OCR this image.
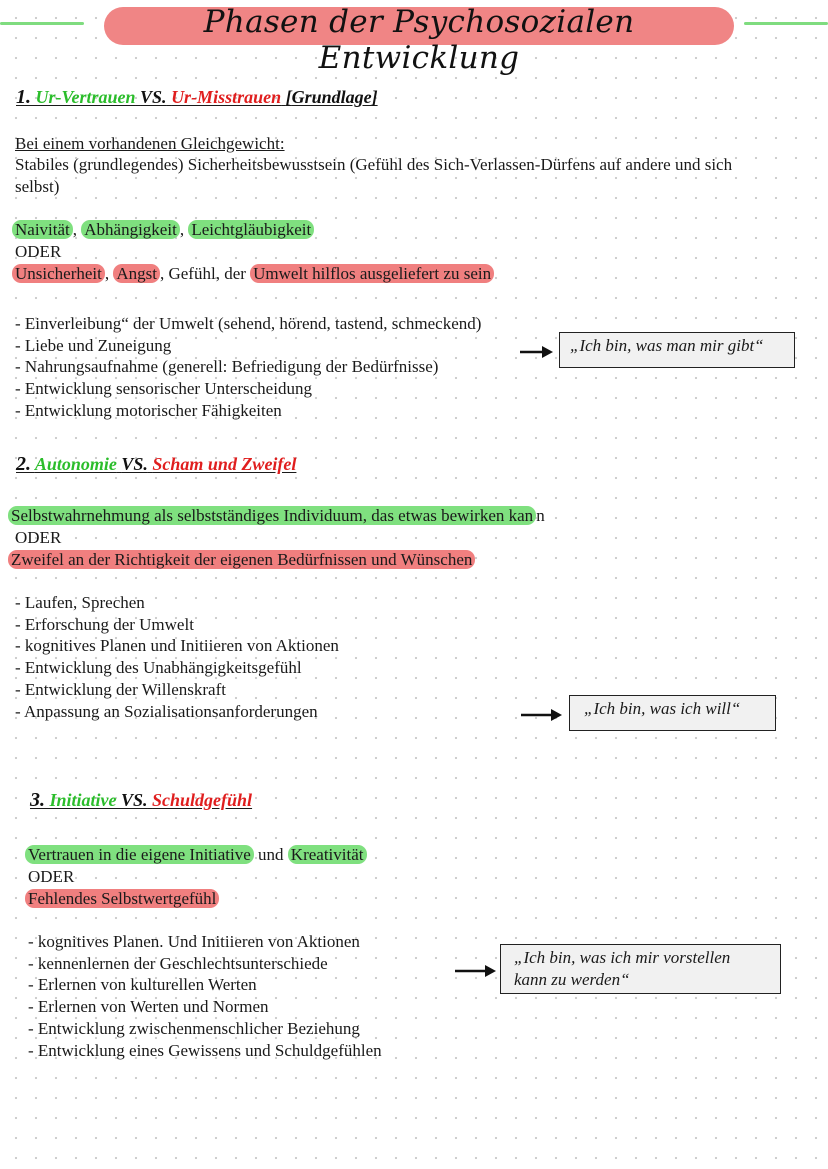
Phasen der Psychosozialen Entwicklung
1. Ur-Vertrauen VS. Ur-Misstrauen [Grundlage]
Bei einem vorhandenen Gleichgewicht:
Stabiles (grundlegendes) Sicherheitsbewusstsein (Gefühl des Sich-Verlassen-Dürfens auf andere und sich selbst)
Naivität , Abhängigkeit , Leichtgläubigkeit
ODER
Unsicherheit , Angst , Gefühl, der Umwelt hilflos ausgeliefert zu sein
- Einverleibung“ der Umwelt (sehend, hörend, tastend, schmeckend)
- Liebe und Zuneigung
- Nahrungsaufnahme (generell: Befriedigung der Bedürfnisse)
- Entwicklung sensorischer Unterscheidung
- Entwicklung motorischer Fähigkeiten
„Ich bin, was man mir gibt“
2. Autonomie VS. Scham und Zweifel
Selbstwahrnehmung als selbstständiges Individuum, das etwas bewirken kan n
ODER
Zweifel an der Richtigkeit der eigenen Bedürfnissen und Wünschen
- Laufen, Sprechen
- Erforschung der Umwelt
- kognitives Planen und Initiieren von Aktionen
- Entwicklung des Unabhängigkeitsgefühl
- Entwicklung der Willenskraft
- Anpassung an Sozialisationsanforderungen	„Ich bin, was ich will“
3. Initiative VS. Schuldgefühl
Vertrauen in die eigene Initiative und Kreativität
ODER
Fehlendes Selbstwertgefühl
- kognitives Planen. Und Initiieren von Aktionen
- kennenlernen der Geschlechtsunterschiede
- Erlernen von kulturellen Werten
- Erlernen von Werten und Normen
- Entwicklung zwischenmenschlicher Beziehung
- Entwicklung eines Gewissens und Schuldgefühlen
„Ich bin, was ich mir vorstellen
kann zu werden“
